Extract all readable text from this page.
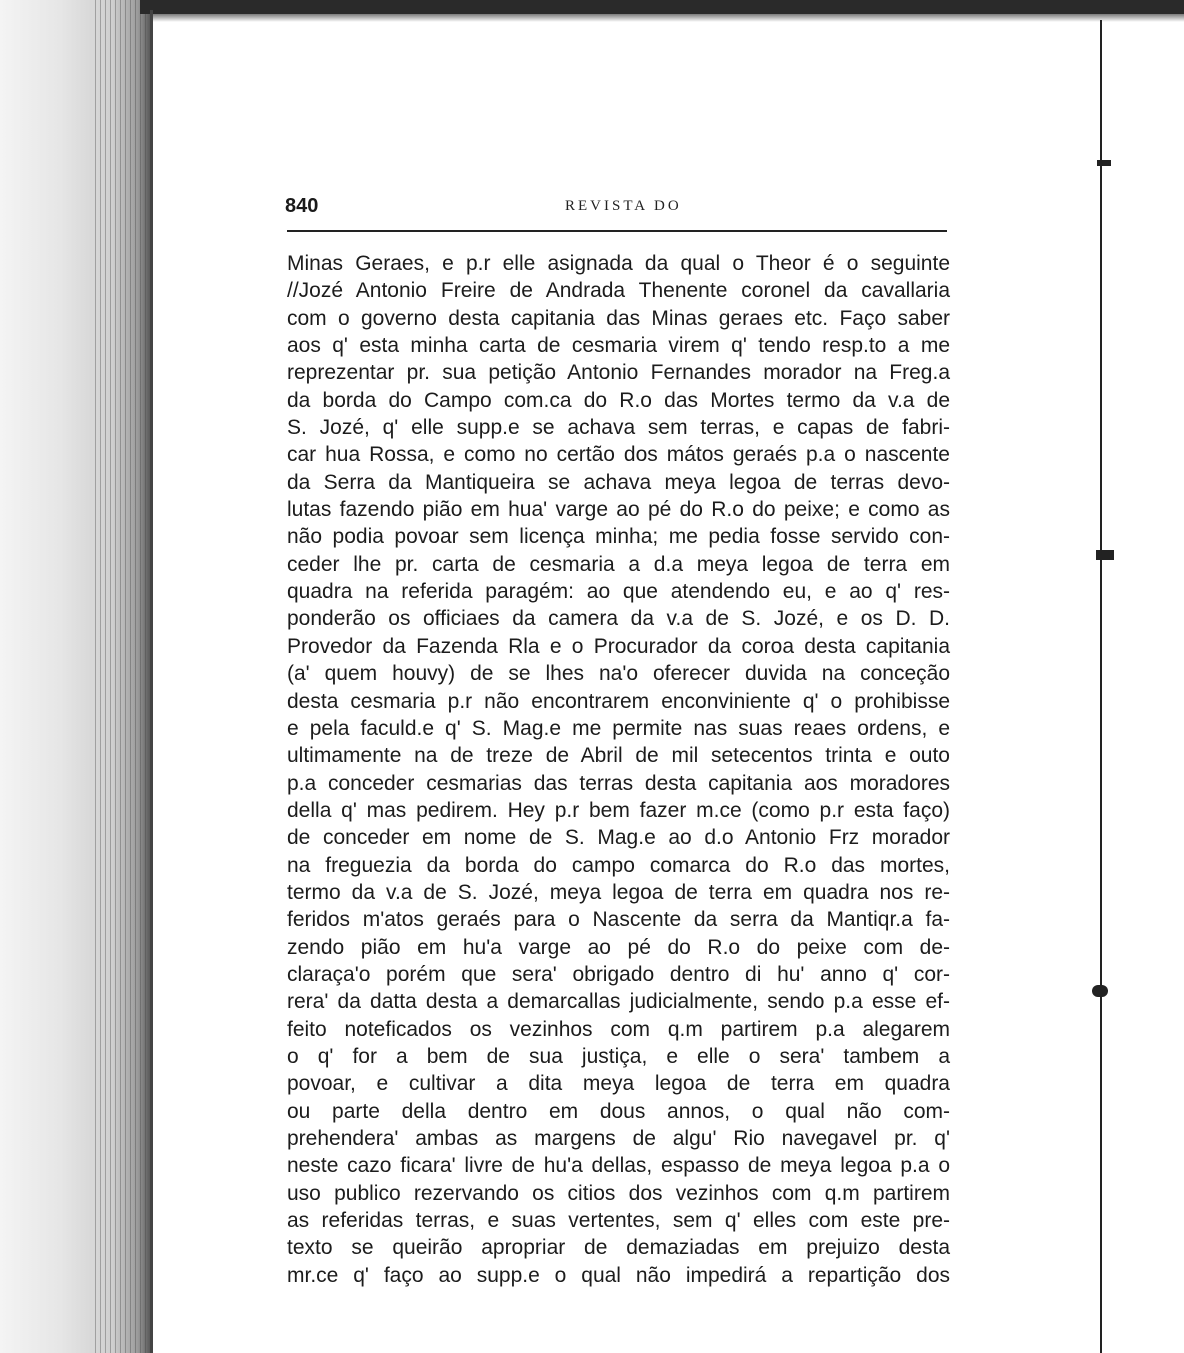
840	REVISTA DO
Minas Geraes, e p.r elle asignada da qual o Theor é o seguinte
//Jozé Antonio Freire de Andrada Thenente coronel da cavallaria
com o governo desta capitania das Minas geraes etc. Faço saber
aos q' esta minha carta de cesmaria virem q' tendo resp.to a me
reprezentar pr. sua petição Antonio Fernandes morador na Freg.a
da borda do Campo com.ca do R.o das Mortes termo da v.a de
S. Jozé, q' elle supp.e se achava sem terras, e capas de fabri-
car hua Rossa, e como no certão dos mátos geraés p.a o nascente
da Serra da Mantiqueira se achava meya legoa de terras devo-
lutas fazendo pião em hua' varge ao pé do R.o do peixe; e como as
não podia povoar sem licença minha; me pedia fosse servido con-
ceder lhe pr. carta de cesmaria a d.a meya legoa de terra em
quadra na referida paragém: ao que atendendo eu, e ao q' res-
ponderão os officiaes da camera da v.a de S. Jozé, e os D. D.
Provedor da Fazenda Rla e o Procurador da coroa desta capitania
(a' quem houvy) de se lhes na'o oferecer duvida na conceção
desta cesmaria p.r não encontrarem enconviniente q' o prohibisse
e pela faculd.e q' S. Mag.e me permite nas suas reaes ordens, e
ultimamente na de treze de Abril de mil setecentos trinta e outo
p.a conceder cesmarias das terras desta capitania aos moradores
della q' mas pedirem. Hey p.r bem fazer m.ce (como p.r esta faço)
de conceder em nome de S. Mag.e ao d.o Antonio Frz morador
na freguezia da borda do campo comarca do R.o das mortes,
termo da v.a de S. Jozé, meya legoa de terra em quadra nos re-
feridos m'atos geraés para o Nascente da serra da Mantiqr.a fa-
zendo pião em hu'a varge ao pé do R.o do peixe com de-
claraça'o porém que sera' obrigado dentro di hu' anno q' cor-
rera' da datta desta a demarcallas judicialmente, sendo p.a esse ef-
feito noteficados os vezinhos com q.m partirem p.a alegarem
o q' for a bem de sua justiça, e elle o sera' tambem a
povoar, e cultivar a dita meya legoa de terra em quadra
ou parte della dentro em dous annos, o qual não com-
prehendera' ambas as margens de algu' Rio navegavel pr. q'
neste cazo ficara' livre de hu'a dellas, espasso de meya legoa p.a o
uso publico rezervando os citios dos vezinhos com q.m partirem
as referidas terras, e suas vertentes, sem q' elles com este pre-
texto se queirão apropriar de demaziadas em prejuizo desta
mr.ce q' faço ao supp.e o qual não impedirá a repartição dos
